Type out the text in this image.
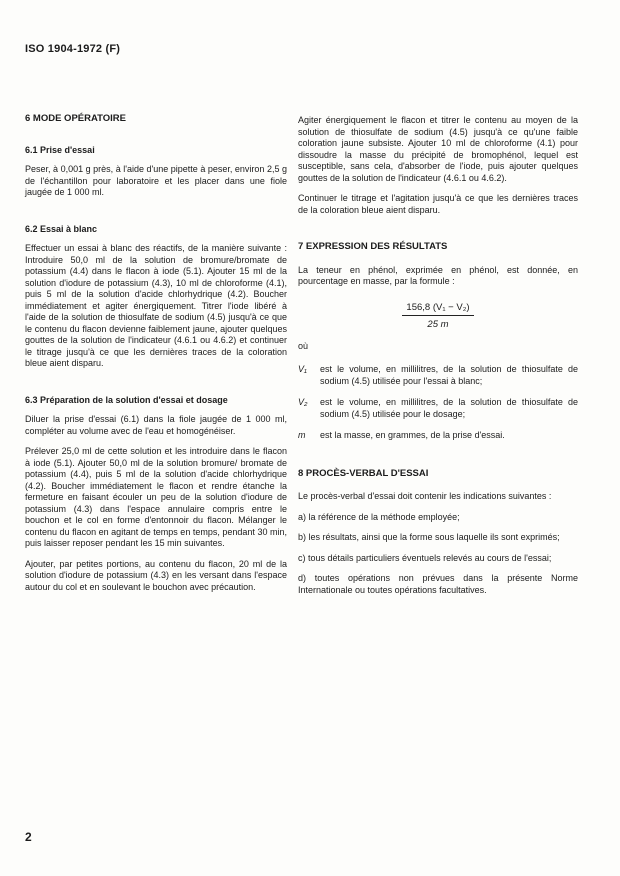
ISO 1904-1972 (F)
6 MODE OPÉRATOIRE
6.1 Prise d'essai

Peser, à 0,001 g près, à l'aide d'une pipette à peser, environ 2,5 g de l'échantillon pour laboratoire et les placer dans une fiole jaugée de 1 000 ml.

6.2 Essai à blanc

Effectuer un essai à blanc des réactifs, de la manière suivante : Introduire 50,0 ml de la solution de bromure/bromate de potassium (4.4) dans le flacon à iode (5.1). Ajouter 15 ml de la solution d'iodure de potassium (4.3), 10 ml de chloroforme (4.1), puis 5 ml de la solution d'acide chlorhydrique (4.2). Boucher immédiatement et agiter énergiquement. Titrer l'iode libéré à l'aide de la solution de thiosulfate de sodium (4.5) jusqu'à ce que le contenu du flacon devienne faiblement jaune, ajouter quelques gouttes de la solution de l'indicateur (4.6.1 ou 4.6.2) et continuer le titrage jusqu'à ce que les dernières traces de la coloration bleue aient disparu.

6.3 Préparation de la solution d'essai et dosage

Diluer la prise d'essai (6.1) dans la fiole jaugée de 1 000 ml, compléter au volume avec de l'eau et homogénéiser.

Prélever 25,0 ml de cette solution et les introduire dans le flacon à iode (5.1). Ajouter 50,0 ml de la solution bromure/ bromate de potassium (4.4), puis 5 ml de la solution d'acide chlorhydrique (4.2). Boucher immédiatement le flacon et rendre étanche la fermeture en faisant écouler un peu de la solution d'iodure de potassium (4.3) dans l'espace annulaire compris entre le bouchon et le col en forme d'entonnoir du flacon. Mélanger le contenu du flacon en agitant de temps en temps, pendant 30 min, puis laisser reposer pendant les 15 min suivantes.

Ajouter, par petites portions, au contenu du flacon, 20 ml de la solution d'iodure de potassium (4.3) en les versant dans l'espace autour du col et en soulevant le bouchon avec précaution.

Agiter énergiquement le flacon et titrer le contenu au moyen de la solution de thiosulfate de sodium (4.5) jusqu'à ce qu'une faible coloration jaune subsiste. Ajouter 10 ml de chloroforme (4.1) pour dissoudre la masse du précipité de bromophénol, lequel est susceptible, sans cela, d'absorber de l'iode, puis ajouter quelques gouttes de la solution de l'indicateur (4.6.1 ou 4.6.2).

Continuer le titrage et l'agitation jusqu'à ce que les dernières traces de la coloration bleue aient disparu.

7 EXPRESSION DES RÉSULTATS

La teneur en phénol, exprimée en phénol, est donnée, en pourcentage en masse, par la formule :

$\frac{\text{156,8 (V₁ − V₂)}}{25 m}$

où

V₁	est le volume, en millilitres, de la solution de thiosulfate de sodium (4.5) utilisée pour l'essai à blanc;
V₂	est le volume, en millilitres, de la solution de thiosulfate de sodium (4.5) utilisée pour le dosage;
m	est la masse, en grammes, de la prise d'essai.
8 PROCÈS-VERBAL D'ESSAI

Le procès-verbal d'essai doit contenir les indications suivantes :

a) la référence de la méthode employée;
b) les résultats, ainsi que la forme sous laquelle ils sont exprimés;
c) tous détails particuliers éventuels relevés au cours de l'essai;
d) toutes opérations non prévues dans la présente Norme Internationale ou toutes opérations facultatives.
2
